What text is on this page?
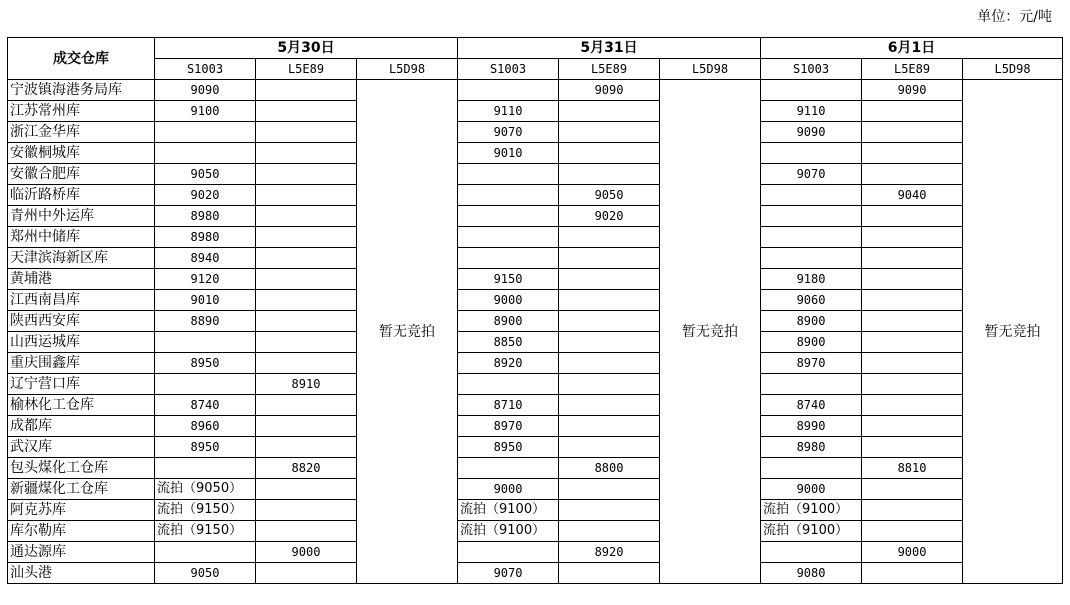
单位：元/吨
成交仓库	5月30日			5月31日			6月1日		
	S1003	L5E89	L5D98	S1003	L5E89	L5D98	S1003	L5E89	L5D98
宁波镇海港务局库	9090		暂无竞拍		9090	暂无竞拍		9090	暂无竞拍
江苏常州库	9100			9110			9110		
浙江金华库				9070			9090		
安徽桐城库				9010					
安徽合肥库	9050						9070		
临沂路桥库	9020				9050			9040	
青州中外运库	8980				9020				
郑州中储库	8980								
天津滨海新区库	8940								
黄埔港	9120			9150			9180		
江西南昌库	9010			9000			9060		
陕西西安库	8890			8900			8900		
山西运城库				8850			8900		
重庆围鑫库	8950			8920			8970		
辽宁营口库		8910							
榆林化工仓库	8740			8710			8740		
成都库	8960			8970			8990		
武汉库	8950			8950			8980		
包头煤化工仓库		8820			8800			8810	
新疆煤化工仓库	流拍（9050）			9000			9000		
阿克苏库	流拍（9150）			流拍（9100）			流拍（9100）		
库尔勒库	流拍（9150）			流拍（9100）			流拍（9100）		
通达源库		9000			8920			9000	
汕头港	9050			9070			9080		
